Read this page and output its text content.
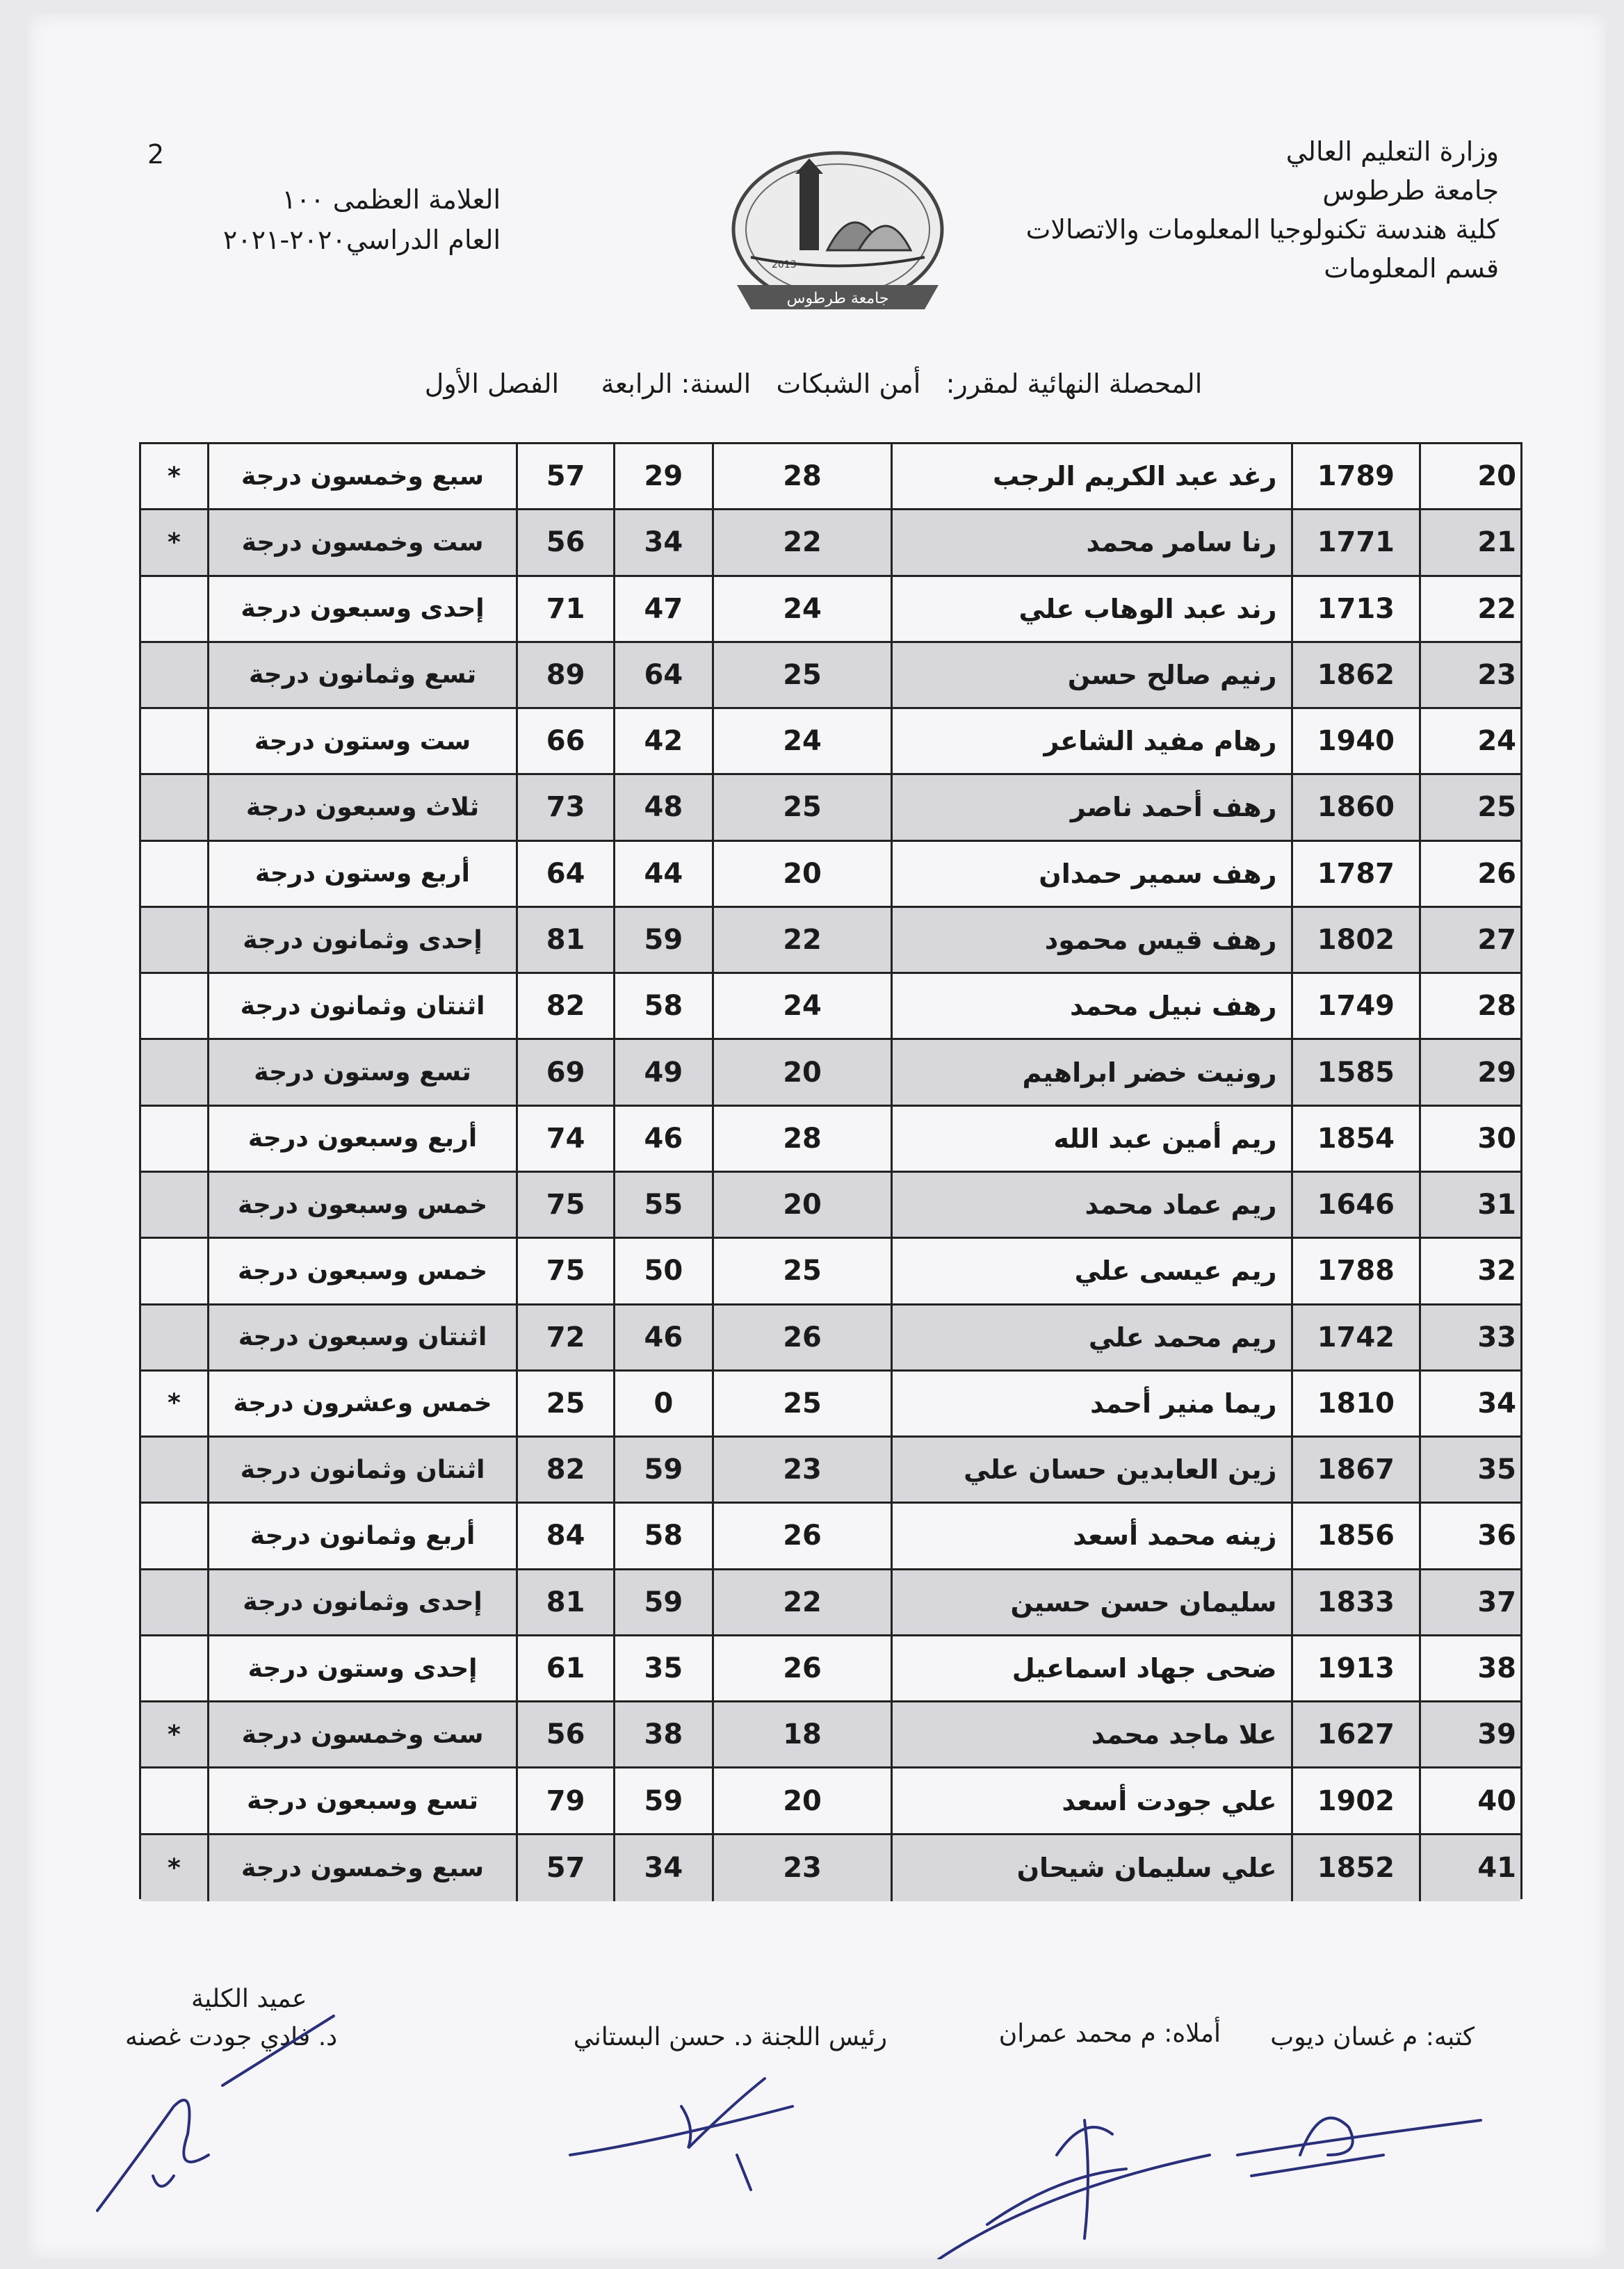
وزارة التعليم العالي
جامعة طرطوس
كلية هندسة تكنولوجيا المعلومات والاتصالات
قسم المعلومات
2
العلامة العظمى ١٠٠
العام الدراسي٢٠٢٠-٢٠٢١
جامعة طرطوس
2013
المحصلة النهائية لمقرر:   أمن الشبكات   السنة: الرابعة     الفصل الأول
20
1789
رغد عبد الكريم الرجب
28
29
57
سبع وخمسون درجة
*
21
1771
رنا سامر محمد
22
34
56
ست وخمسون درجة
*
22
1713
رند عبد الوهاب علي
24
47
71
إحدى وسبعون درجة
23
1862
رنيم صالح حسن
25
64
89
تسع وثمانون درجة
24
1940
رهام مفيد الشاعر
24
42
66
ست وستون درجة
25
1860
رهف أحمد ناصر
25
48
73
ثلاث وسبعون درجة
26
1787
رهف سمير حمدان
20
44
64
أربع وستون درجة
27
1802
رهف قيس محمود
22
59
81
إحدى وثمانون درجة
28
1749
رهف نبيل محمد
24
58
82
اثنتان وثمانون درجة
29
1585
رونيت خضر ابراهيم
20
49
69
تسع وستون درجة
30
1854
ريم أمين عبد الله
28
46
74
أربع وسبعون درجة
31
1646
ريم عماد محمد
20
55
75
خمس وسبعون درجة
32
1788
ريم عيسى علي
25
50
75
خمس وسبعون درجة
33
1742
ريم محمد علي
26
46
72
اثنتان وسبعون درجة
34
1810
ريما منير أحمد
25
0
25
خمس وعشرون درجة
*
35
1867
زين العابدين حسان علي
23
59
82
اثنتان وثمانون درجة
36
1856
زينه محمد أسعد
26
58
84
أربع وثمانون درجة
37
1833
سليمان حسن حسين
22
59
81
إحدى وثمانون درجة
38
1913
ضحى جهاد اسماعيل
26
35
61
إحدى وستون درجة
39
1627
علا ماجد محمد
18
38
56
ست وخمسون درجة
*
40
1902
علي جودت أسعد
20
59
79
تسع وسبعون درجة
41
1852
علي سليمان شيحان
23
34
57
سبع وخمسون درجة
*
كتبه: م غسان ديوب
أملاه: م محمد عمران
رئيس اللجنة د. حسن البستاني
عميد الكلية
د. فادي جودت غصنه
